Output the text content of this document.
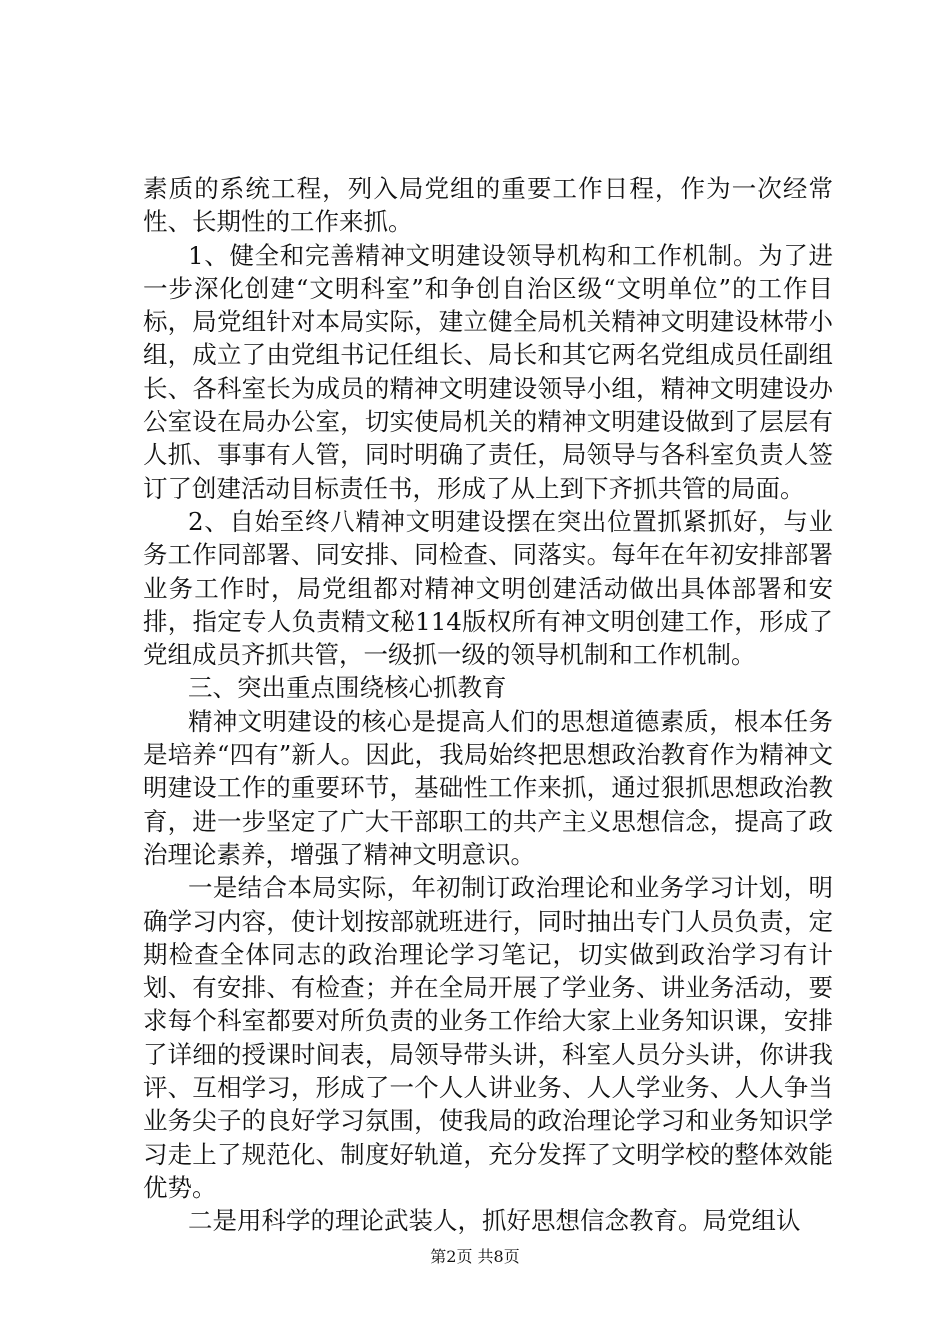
素质的系统工程，列入局党组的重要工作日程，作为一次经常性、长期性的工作来抓。

1、健全和完善精神文明建设领导机构和工作机制。为了进一步深化创建“文明科室”和争创自治区级“文明单位”的工作目标，局党组针对本局实际，建立健全局机关精神文明建设林带小组，成立了由党组书记任组长、局长和其它两名党组成员任副组长、各科室长为成员的精神文明建设领导小组，精神文明建设办公室设在局办公室，切实使局机关的精神文明建设做到了层层有人抓、事事有人管，同时明确了责任，局领导与各科室负责人签订了创建活动目标责任书，形成了从上到下齐抓共管的局面。

2、自始至终八精神文明建设摆在突出位置抓紧抓好，与业务工作同部署、同安排、同检查、同落实。每年在年初安排部署业务工作时，局党组都对精神文明创建活动做出具体部署和安排，指定专人负责精文秘114版权所有神文明创建工作，形成了党组成员齐抓共管，一级抓一级的领导机制和工作机制。

三、突出重点围绕核心抓教育

精神文明建设的核心是提高人们的思想道德素质，根本任务是培养“四有”新人。因此，我局始终把思想政治教育作为精神文明建设工作的重要环节，基础性工作来抓，通过狠抓思想政治教育，进一步坚定了广大干部职工的共产主义思想信念，提高了政治理论素养，增强了精神文明意识。

一是结合本局实际，年初制订政治理论和业务学习计划，明确学习内容，使计划按部就班进行，同时抽出专门人员负责，定期检查全体同志的政治理论学习笔记，切实做到政治学习有计划、有安排、有检查；并在全局开展了学业务、讲业务活动，要求每个科室都要对所负责的业务工作给大家上业务知识课，安排了详细的授课时间表，局领导带头讲，科室人员分头讲，你讲我评、互相学习，形成了一个人人讲业务、人人学业务、人人争当业务尖子的良好学习氛围，使我局的政治理论学习和业务知识学习走上了规范化、制度好轨道，充分发挥了文明学校的整体效能优势。

二是用科学的理论武装人，抓好思想信念教育。局党组认

第2页 共8页
